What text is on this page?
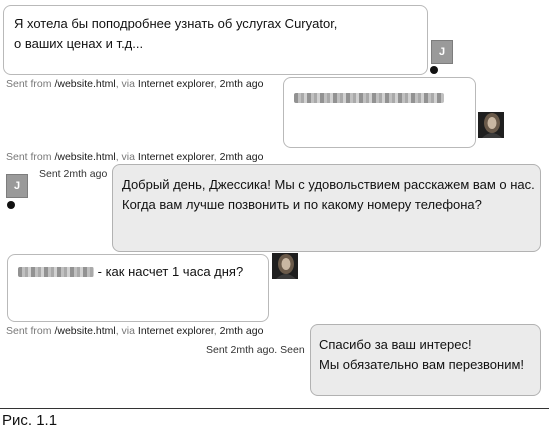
Я хотела бы поподробнее узнать об услугах Curyator,

о ваших ценах и т.д...

J
Sent from /website.html, via Internet explorer, 2mth ago
Sent from /website.html, via Internet explorer, 2mth ago
J
Sent 2mth ago

Добрый день, Джессика! Мы с удовольствием расскажем вам о нас.

Когда вам лучше позвонить и по какому номеру телефона?

- как насчет 1 часа дня?

Sent from /website.html, via Internet explorer, 2mth ago
Sent 2mth ago. Seen Спасибо за ваш интерес!

Мы обязательно вам перезвоним!

Рис. 1.1
